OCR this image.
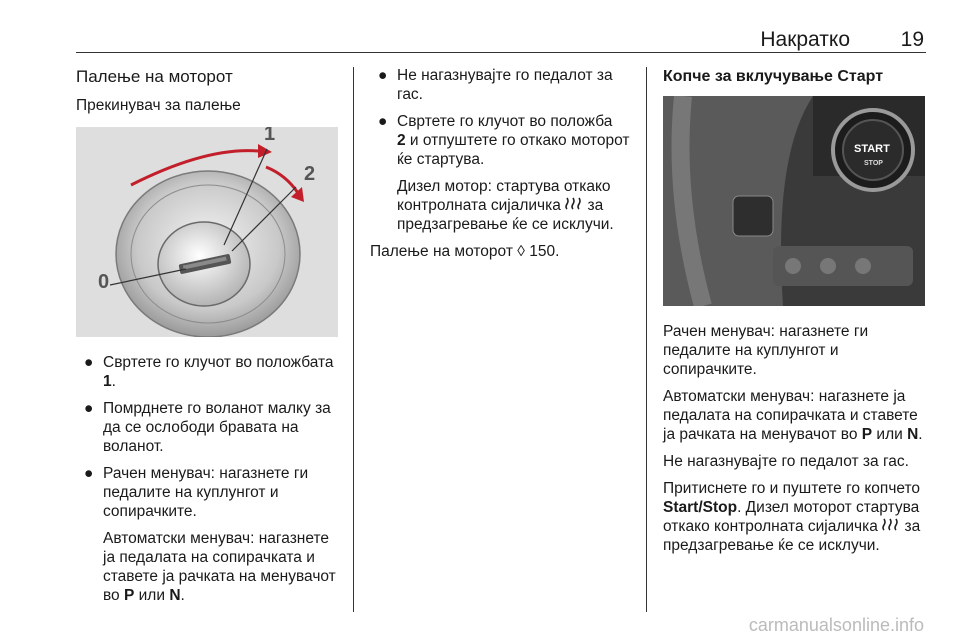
Накратко 19
Палење на моторот
Прекинувач за палење
0
1
2
● Свртете го клучот во положбата 1.
● Помрднете го воланот малку за да се ослободи бравата на воланот.
● Рачен менувач: нагазнете ги педалите на куплунгот и сопирачките.

Автоматски менувач: нагазнете ја педалата на сопирачката и ставете ја рачката на менувачот во P или N.

● Не нагазнувајте го педалот за гас.
● Свртете го клучот во положба
2 и отпуштете го откако моторот ќе стартува.

Дизел мотор: стартува откако контролната сијаличка  за предзагревање ќе се исклучи.

Палење на моторот ◊ 150.

Копче за вклучување Старт
START
STOP

Рачен менувач: нагазнете ги педалите на куплунгот и сопирачките.

Автоматски менувач: нагазнете ја педалата на сопирачката и ставете ја рачката на менувачот во P или N.

Не нагазнувајте го педалот за гас.

Притиснете го и пуштете го копчето Start/Stop. Дизел моторот стартува откако контролната сијаличка  за предзагревање ќе се исклучи.

carmanualsonline.info
